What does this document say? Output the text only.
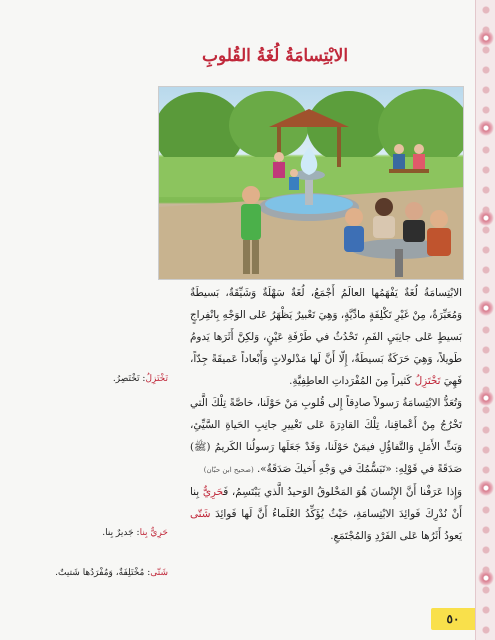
الابْتِسامَةُ لُغَةُ القُلوبِ

الابْتِسامَةُ لُغَةٌ يَفْهَمُها العالَمُ أَجْمَعُ، لُغَةٌ سَهْلَةٌ وَشَيِّقَةٌ، بَسيطَةٌ وَمُعَبِّرَةٌ، مِنْ غَيْرِ تَكْلِفَةٍ مادِّيَّةٍ، وَهِيَ تَعْبيرٌ يَظْهَرُ عَلى الوَجْهِ بِانْفِراجٍ بَسيطٍ عَلى جانِبَيِ الفَمِ، تَحْدُثُ في طَرْفَةِ عَيْنٍ، وَلكِنَّ أَثَرَها يَدومُ طَويلاً، وَهِيَ حَرَكَةٌ بَسيطَةٌ، إِلّا أَنَّ لَها مَدْلولاتٍ وَأَبْعاداً عَميقَةً جِدّاً، فَهِيَ تَخْتَزِلُ كَثيراً مِنَ المُفْرَداتِ العاطِفِيَّةِ.

وَتُعَدُّ الابْتِسامَةُ رَسولاً صادِقاً إِلى قُلوبِ مَنْ حَوْلَنا، خاصَّةً تِلْكَ الَّتي تَخْرُجُ مِنْ أَعْماقِنا، تِلْكَ القادِرَةَ عَلى تَغْييرِ جانِبِ الحَياةِ السَّيِّئِ، وَبَثِّ الأَمَلِ وَالتَّفاؤُلِ فيمَنْ حَوْلَنا، وَقَدْ جَعَلَها رَسولُنا الكَريمُ (ﷺ) صَدَقَةً في قَوْلِهِ: «تَبَسُّمُكَ في وَجْهِ أَخيكَ صَدَقَةٌ». (صحيح ابن حبّان)

وَإِذا عَرَفْنا أَنَّ الإِنْسانَ هُوَ المَخْلوقُ الوَحيدُ الَّذي يَبْتَسِمُ، فَحَرِيٌّ بِنا أَنْ نُدْرِكَ فَوائِدَ الابْتِسامَةِ، حَيْثُ يُؤَكِّدُ العُلَماءُ أَنَّ لَها فَوائِدَ شَتّى يَعودُ أَثَرُها عَلى الفَرْدِ وَالمُجْتَمَعِ.

تَخْتَزِلُ: تَخْتَصِرُ.
حَرِيٌّ بِنا: جَديرٌ بِنا.
شَتّى: مُخْتَلِفَةٌ، وَمُفْرَدُها شَتيتٌ.
٥٠
